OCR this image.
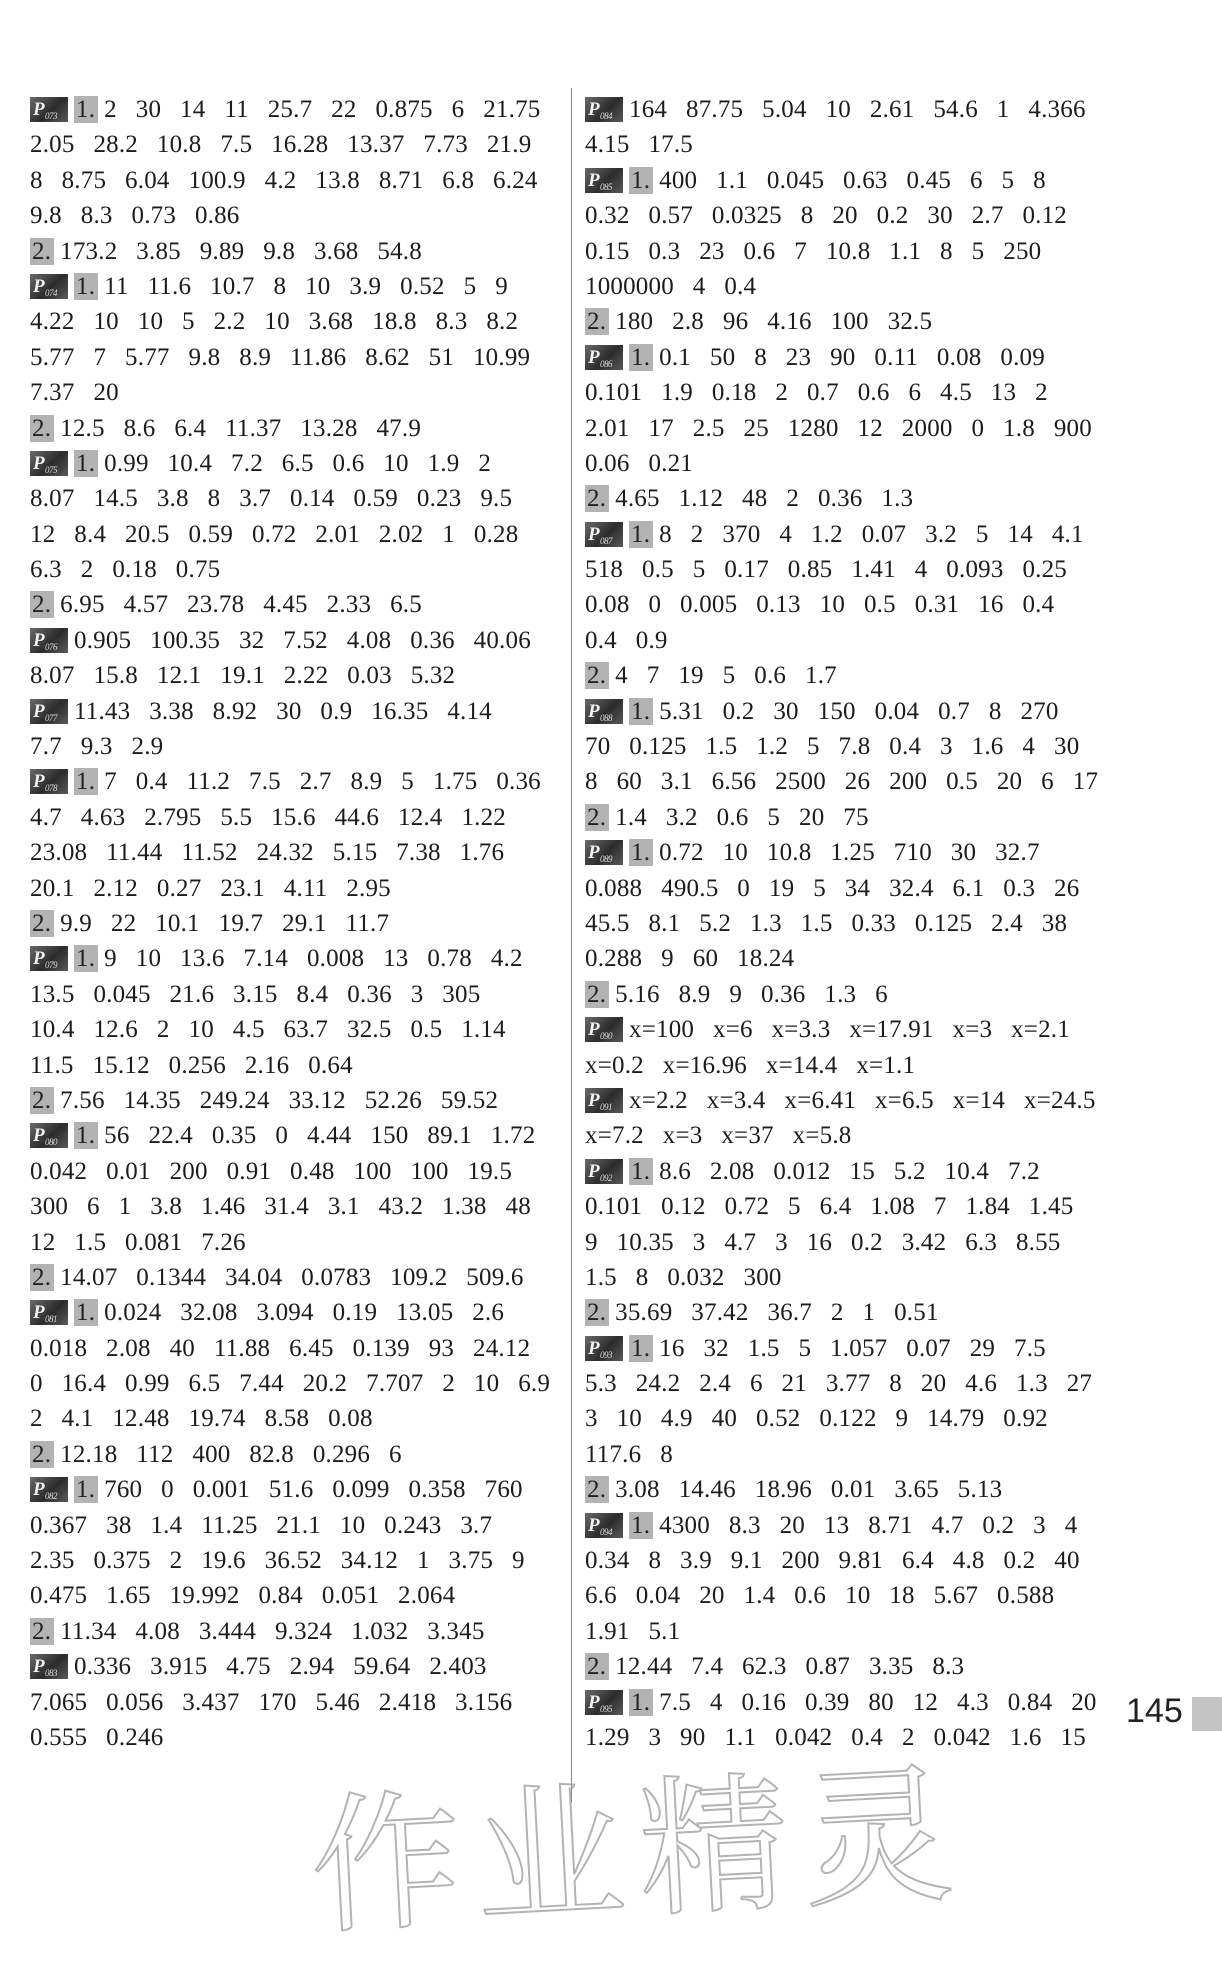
P 073 1. 2  30  14  11  25.7  22  0.875  6  21.75
2.05  28.2  10.8  7.5  16.28  13.37  7.73  21.9
8  8.75  6.04  100.9  4.2  13.8  8.71  6.8  6.24
9.8  8.3  0.73  0.86
2. 173.2  3.85  9.89  9.8  3.68  54.8
P 074 1. 11  11.6  10.7  8  10  3.9  0.52  5  9
4.22  10  10  5  2.2  10  3.68  18.8  8.3  8.2
5.77  7  5.77  9.8  8.9  11.86  8.62  51  10.99
7.37  20
2. 12.5  8.6  6.4  11.37  13.28  47.9
P 075 1. 0.99  10.4  7.2  6.5  0.6  10  1.9  2
8.07  14.5  3.8  8  3.7  0.14  0.59  0.23  9.5
12  8.4  20.5  0.59  0.72  2.01  2.02  1  0.28
6.3  2  0.18  0.75
2. 6.95  4.57  23.78  4.45  2.33  6.5
P 076 0.905  100.35  32  7.52  4.08  0.36  40.06
8.07  15.8  12.1  19.1  2.22  0.03  5.32
P 077 11.43  3.38  8.92  30  0.9  16.35  4.14
7.7  9.3  2.9
P 078 1. 7  0.4  11.2  7.5  2.7  8.9  5  1.75  0.36
4.7  4.63  2.795  5.5  15.6  44.6  12.4  1.22
23.08  11.44  11.52  24.32  5.15  7.38  1.76
20.1  2.12  0.27  23.1  4.11  2.95
2. 9.9  22  10.1  19.7  29.1  11.7
P 079 1. 9  10  13.6  7.14  0.008  13  0.78  4.2
13.5  0.045  21.6  3.15  8.4  0.36  3  305
10.4  12.6  2  10  4.5  63.7  32.5  0.5  1.14
11.5  15.12  0.256  2.16  0.64
2. 7.56  14.35  249.24  33.12  52.26  59.52
P 080 1. 56  22.4  0.35  0  4.44  150  89.1  1.72
0.042  0.01  200  0.91  0.48  100  100  19.5
300  6  1  3.8  1.46  31.4  3.1  43.2  1.38  48
12  1.5  0.081  7.26
2. 14.07  0.1344  34.04  0.0783  109.2  509.6
P 081 1. 0.024  32.08  3.094  0.19  13.05  2.6
0.018  2.08  40  11.88  6.45  0.139  93  24.12
0  16.4  0.99  6.5  7.44  20.2  7.707  2  10  6.9
2  4.1  12.48  19.74  8.58  0.08
2. 12.18  112  400  82.8  0.296  6
P 082 1. 760  0  0.001  51.6  0.099  0.358  760
0.367  38  1.4  11.25  21.1  10  0.243  3.7
2.35  0.375  2  19.6  36.52  34.12  1  3.75  9
0.475  1.65  19.992  0.84  0.051  2.064
2. 11.34  4.08  3.444  9.324  1.032  3.345
P 083 0.336  3.915  4.75  2.94  59.64  2.403
7.065  0.056  3.437  170  5.46  2.418  3.156
0.555  0.246
P 084 164  87.75  5.04  10  2.61  54.6  1  4.366
4.15  17.5
P 085 1. 400  1.1  0.045  0.63  0.45  6  5  8
0.32  0.57  0.0325  8  20  0.2  30  2.7  0.12
0.15  0.3  23  0.6  7  10.8  1.1  8  5  250
1000000  4  0.4
2. 180  2.8  96  4.16  100  32.5
P 086 1. 0.1  50  8  23  90  0.11  0.08  0.09
0.101  1.9  0.18  2  0.7  0.6  6  4.5  13  2
2.01  17  2.5  25  1280  12  2000  0  1.8  900
0.06  0.21
2. 4.65  1.12  48  2  0.36  1.3
P 087 1. 8  2  370  4  1.2  0.07  3.2  5  14  4.1
518  0.5  5  0.17  0.85  1.41  4  0.093  0.25
0.08  0  0.005  0.13  10  0.5  0.31  16  0.4
0.4  0.9
2. 4  7  19  5  0.6  1.7
P 088 1. 5.31  0.2  30  150  0.04  0.7  8  270
70  0.125  1.5  1.2  5  7.8  0.4  3  1.6  4  30
8  60  3.1  6.56  2500  26  200  0.5  20  6  17
2. 1.4  3.2  0.6  5  20  75
P 089 1. 0.72  10  10.8  1.25  710  30  32.7
0.088  490.5  0  19  5  34  32.4  6.1  0.3  26
45.5  8.1  5.2  1.3  1.5  0.33  0.125  2.4  38
0.288  9  60  18.24
2. 5.16  8.9  9  0.36  1.3  6
P 090 x=100  x=6  x=3.3  x=17.91  x=3  x=2.1
x=0.2  x=16.96  x=14.4  x=1.1
P 091 x=2.2  x=3.4  x=6.41  x=6.5  x=14  x=24.5
x=7.2  x=3  x=37  x=5.8
P 092 1. 8.6  2.08  0.012  15  5.2  10.4  7.2
0.101  0.12  0.72  5  6.4  1.08  7  1.84  1.45
9  10.35  3  4.7  3  16  0.2  3.42  6.3  8.55
1.5  8  0.032  300
2. 35.69  37.42  36.7  2  1  0.51
P 093 1. 16  32  1.5  5  1.057  0.07  29  7.5
5.3  24.2  2.4  6  21  3.77  8  20  4.6  1.3  27
3  10  4.9  40  0.52  0.122  9  14.79  0.92
117.6  8
2. 3.08  14.46  18.96  0.01  3.65  5.13
P 094 1. 4300  8.3  20  13  8.71  4.7  0.2  3  4
0.34  8  3.9  9.1  200  9.81  6.4  4.8  0.2  40
6.6  0.04  20  1.4  0.6  10  18  5.67  0.588
1.91  5.1
2. 12.44  7.4  62.3  0.87  3.35  8.3
P 095 1. 7.5  4  0.16  0.39  80  12  4.3  0.84  20
1.29  3  90  1.1  0.042  0.4  2  0.042  1.6  15
145
作业精灵
